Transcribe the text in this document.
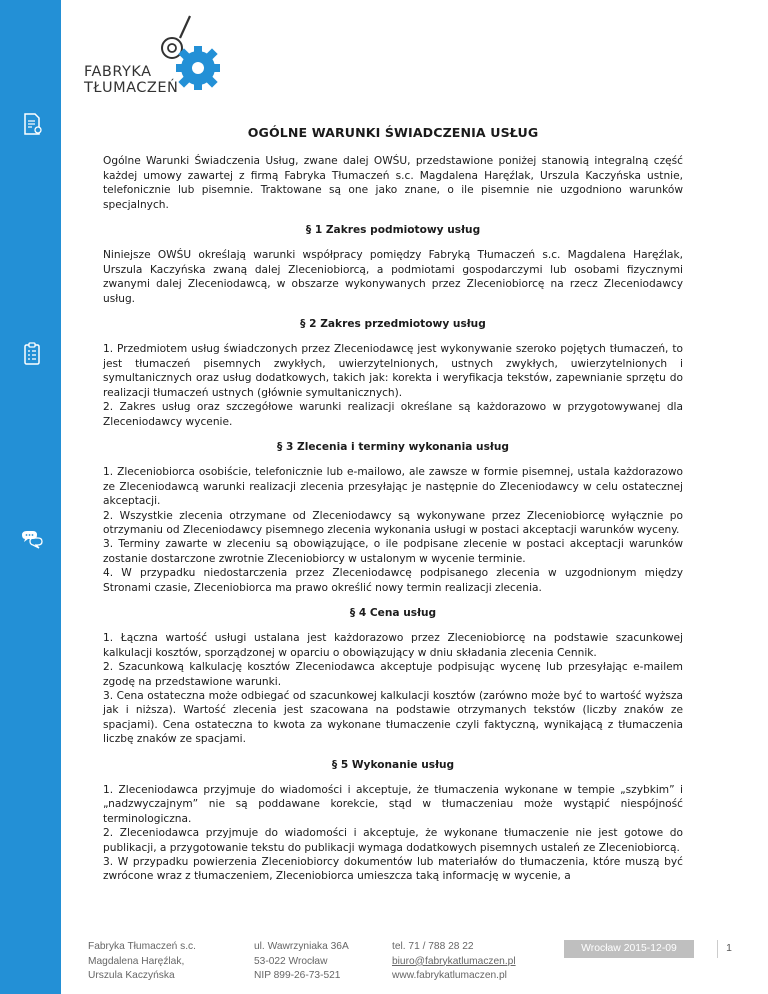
FABRYKA
TŁUMACZEŃ
OGÓLNE WARUNKI ŚWIADCZENIA USŁUG

Ogólne Warunki Świadczenia Usług, zwane dalej OWŚU, przedstawione poniżej stanowią integralną część każdej umowy zawartej z firmą Fabryka Tłumaczeń s.c. Magdalena Haręźlak, Urszula Kaczyńska ustnie, telefonicznie lub pisemnie. Traktowane są one jako znane, o ile pisemnie nie uzgodniono warunków specjalnych.

§ 1 Zakres podmiotowy usług

Niniejsze OWŚU określają warunki współpracy pomiędzy Fabryką Tłumaczeń s.c. Magdalena Haręźlak, Urszula Kaczyńska zwaną dalej Zleceniobiorcą, a podmiotami gospodarczymi lub osobami fizycznymi zwanymi dalej Zleceniodawcą, w obszarze wykonywanych przez Zleceniobiorcę na rzecz Zleceniodawcy usług.

§ 2 Zakres przedmiotowy usług

1. Przedmiotem usług świadczonych przez Zleceniodawcę jest wykonywanie szeroko pojętych tłumaczeń, to jest tłumaczeń pisemnych zwykłych, uwierzytelnionych, ustnych zwykłych, uwierzytelnionych i symultanicznych oraz usług dodatkowych, takich jak: korekta i weryfikacja tekstów, zapewnianie sprzętu do realizacji tłumaczeń ustnych (głównie symultanicznych).

2. Zakres usług oraz szczegółowe warunki realizacji określane są każdorazowo w przygotowywanej dla Zleceniodawcy wycenie.

§ 3 Zlecenia i terminy wykonania usług

1. Zleceniobiorca osobiście, telefonicznie lub e-mailowo, ale zawsze w formie pisemnej, ustala każdorazowo ze Zleceniodawcą warunki realizacji zlecenia przesyłając je następnie do Zleceniodawcy w celu ostatecznej akceptacji.

2. Wszystkie zlecenia otrzymane od Zleceniodawcy są wykonywane przez Zleceniobiorcę wyłącznie po otrzymaniu od Zleceniodawcy pisemnego zlecenia wykonania usługi w postaci akceptacji warunków wyceny.

3. Terminy zawarte w zleceniu są obowiązujące, o ile podpisane zlecenie w postaci akceptacji warunków zostanie dostarczone zwrotnie Zleceniobiorcy w ustalonym w wycenie terminie.

4. W przypadku niedostarczenia przez Zleceniodawcę podpisanego zlecenia w uzgodnionym między Stronami czasie, Zleceniobiorca ma prawo określić nowy termin realizacji zlecenia.

§ 4 Cena usług

1. Łączna wartość usługi ustalana jest każdorazowo przez Zleceniobiorcę na podstawie szacunkowej kalkulacji kosztów, sporządzonej w oparciu o obowiązujący w dniu składania zlecenia Cennik.

2. Szacunkową kalkulację kosztów Zleceniodawca akceptuje podpisując wycenę lub przesyłając e-mailem zgodę na przedstawione warunki.

3. Cena ostateczna może odbiegać od szacunkowej kalkulacji kosztów (zarówno może być to wartość wyższa jak i niższa). Wartość zlecenia jest szacowana na podstawie otrzymanych tekstów (liczby znaków ze spacjami). Cena ostateczna to kwota za wykonane tłumaczenie czyli faktyczną, wynikającą z tłumaczenia liczbę znaków ze spacjami.

§ 5 Wykonanie usług

1. Zleceniodawca przyjmuje do wiadomości i akceptuje, że tłumaczenia wykonane w tempie „szybkim” i „nadzwyczajnym” nie są poddawane korekcie, stąd w tłumaczeniau może wystąpić niespójność terminologiczna.

2. Zleceniodawca przyjmuje do wiadomości i akceptuje, że wykonane tłumaczenie nie jest gotowe do publikacji, a przygotowanie tekstu do publikacji wymaga dodatkowych pisemnych ustaleń ze Zleceniobiorcą.

3. W przypadku powierzenia Zleceniobiorcy dokumentów lub materiałów do tłumaczenia, które muszą być zwrócone wraz z tłumaczeniem, Zleceniobiorca umieszcza taką informację w wycenie, a

Fabryka Tłumaczeń s.c.
Magdalena Haręźlak,
Urszula Kaczyńska
ul. Wawrzyniaka 36A
53-022 Wrocław
NIP 899-26-73-521
tel. 71 / 788 28 22
biuro@fabrykatlumaczen.pl
www.fabrykatlumaczen.pl
Wrocław 2015-12-09	1
